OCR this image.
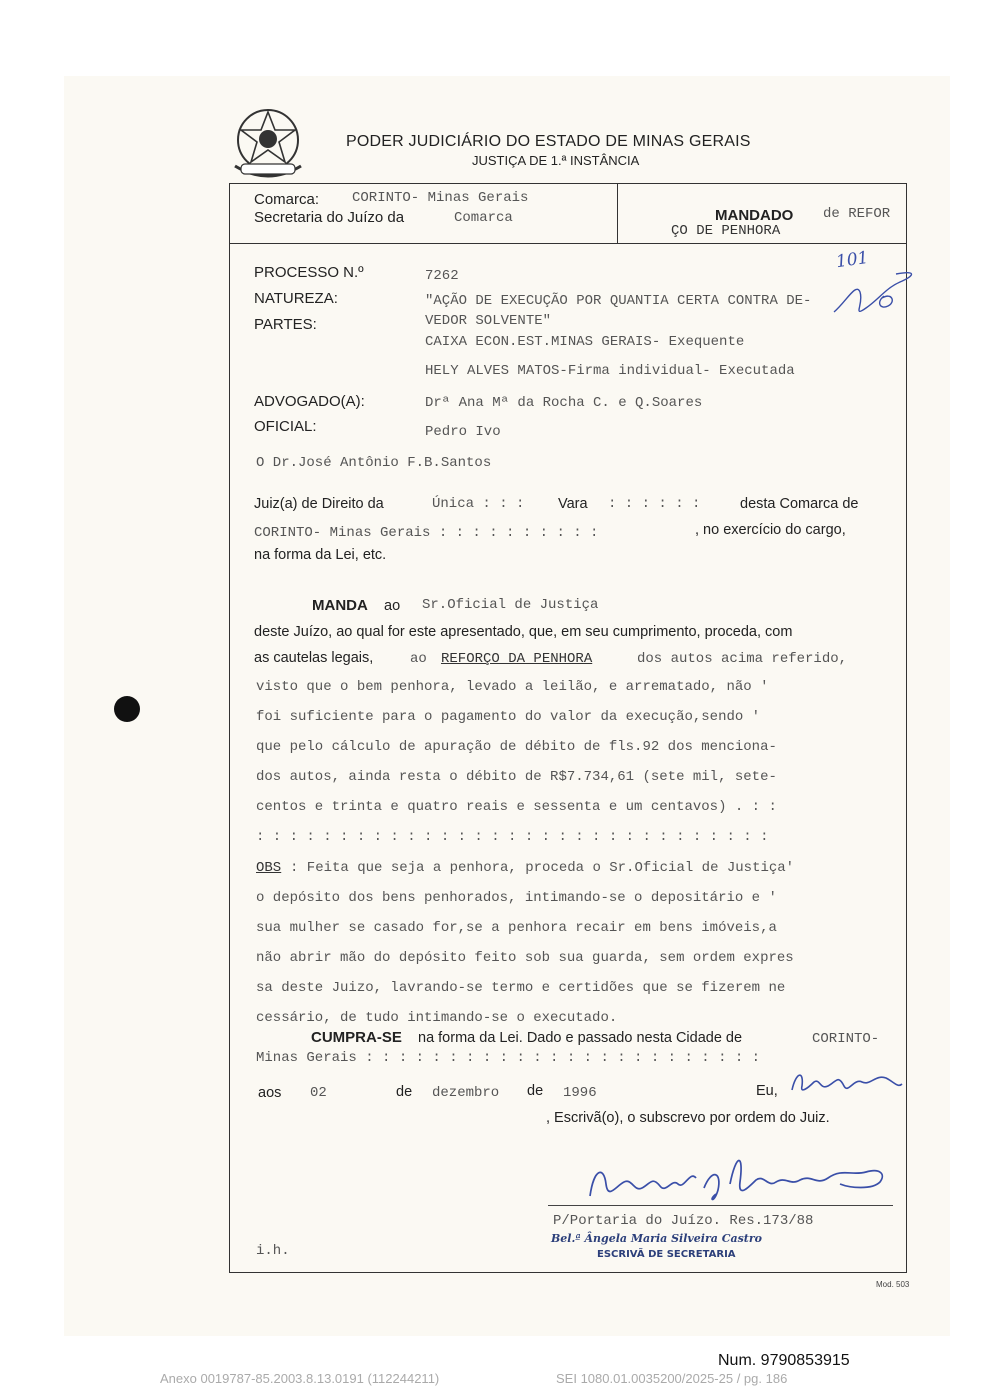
PODER JUDICIÁRIO DO ESTADO DE MINAS GERAIS
JUSTIÇA DE 1.ª INSTÂNCIA
Comarca: CORINTO- Minas Gerais
Secretaria do Juízo da	Comarca	MANDADO de REFOR
ÇO DE PENHORA
PROCESSO N.º	7262
NATUREZA:	"AÇÃO DE EXECUÇÃO POR QUANTIA CERTA CONTRA DE-
VEDOR SOLVENTE"
PARTES:
CAIXA ECON.EST.MINAS GERAIS- Exequente
HELY ALVES MATOS-Firma individual- Executada
ADVOGADO(A):	Drª Ana Mª da Rocha C. e Q.Soares
OFICIAL:	Pedro Ivo
O Dr.José Antônio F.B.Santos
101
Juiz(a) de Direito da	Única : : : Vara : : : : : :	desta Comarca de
CORINTO- Minas Gerais : : : : : : : : : :	, no exercício do cargo,
na forma da Lei, etc.
MANDA ao Sr.Oficial de Justiça
deste Juízo, ao qual for este apresentado, que, em seu cumprimento, proceda, com
as cautelas legais,	ao REFORÇO DA PENHORA	dos autos acima referido,
visto que o bem penhora, levado a leilão, e arrematado, não '
foi suficiente para o pagamento do valor da execução,sendo '
que pelo cálculo de apuração de débito de fls.92 dos menciona-
dos autos, ainda resta o débito de R$7.734,61 (sete mil, sete-
centos e trinta e quatro reais e sessenta e um centavos) . : :
: : : : : : : : : : : : : : : : : : : : : : : : : : : : : : :
OBS : Feita que seja a penhora, proceda o Sr.Oficial de Justiça'
o depósito dos bens penhorados, intimando-se o depositário e '
sua mulher se casado for,se a penhora recair em bens imóveis,a
não abrir mão do depósito feito sob sua guarda, sem ordem expres
sa deste Juizo, lavrando-se termo e certidões que se fizerem ne
cessário, de tudo intimando-se o executado.
CUMPRA-SE na forma da Lei. Dado e passado nesta Cidade de	CORINTO-
Minas Gerais : : : : : : : : : : : : : : : : : : : : : : : :
aos 02	de dezembro de 1996	Eu,
, Escrivã(o), o subscrevo por ordem do Juiz.
P/Portaria do Juízo. Res.173/88
Bel.ª Ângela Maria Silveira Castro
ESCRIVÃ DE SECRETARIA
i.h.
Mod. 503
Num. 9790853915
Anexo 0019787-85.2003.8.13.0191 (112244211)	SEI 1080.01.0035200/2025-25 / pg. 186
